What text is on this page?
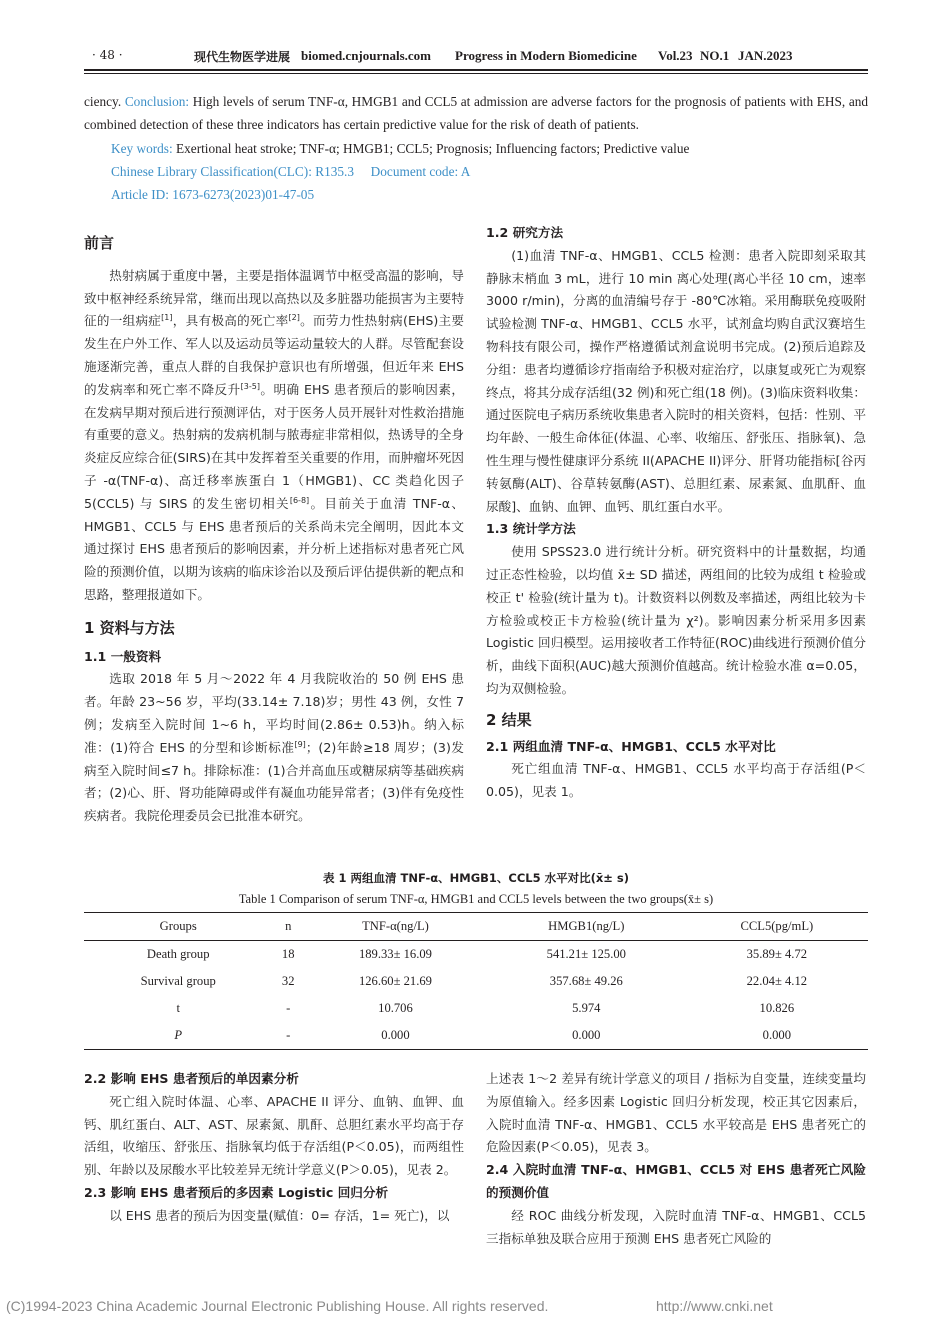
· 48 ·	现代生物医学进展 biomed.cnjournals.com Progress in Modern Biomedicine Vol.23 NO.1 JAN.2023
ciency. Conclusion: High levels of serum TNF-α, HMGB1 and CCL5 at admission are adverse factors for the prognosis of patients with EHS, and combined detection of these three indicators has certain predictive value for the risk of death of patients.
Key words: Exertional heat stroke; TNF-α; HMGB1; CCL5; Prognosis; Influencing factors; Predictive value
Chinese Library Classification(CLC): R135.3 Document code: A
Article ID: 1673-6273(2023)01-47-05
前言

热射病属于重度中暑，主要是指体温调节中枢受高温的影响，导致中枢神经系统异常，继而出现以高热以及多脏器功能损害为主要特征的一组病症[1]，具有极高的死亡率[2]。而劳力性热射病(EHS)主要发生在户外工作、军人以及运动员等运动量较大的人群。尽管配套设施逐渐完善，重点人群的自我保护意识也有所增强，但近年来 EHS 的发病率和死亡率不降反升[3-5]。明确 EHS 患者预后的影响因素，在发病早期对预后进行预测评估，对于医务人员开展针对性救治措施有重要的意义。热射病的发病机制与脓毒症非常相似，热诱导的全身炎症反应综合征(SIRS)在其中发挥着至关重要的作用，而肿瘤坏死因子 -α(TNF-α)、高迁移率族蛋白 1（HMGB1)、CC 类趋化因子 5(CCL5) 与 SIRS 的发生密切相关[6-8]。目前关于血清 TNF-α、HMGB1、CCL5 与 EHS 患者预后的关系尚未完全阐明，因此本文通过探讨 EHS 患者预后的影响因素，并分析上述指标对患者死亡风险的预测价值，以期为该病的临床诊治以及预后评估提供新的靶点和思路，整理报道如下。

1 资料与方法
1.1 一般资料

选取 2018 年 5 月～2022 年 4 月我院收治的 50 例 EHS 患者。年龄 23~56 岁，平均(33.14± 7.18)岁；男性 43 例，女性 7 例；发病至入院时间 1~6 h，平均时间(2.86± 0.53)h。纳入标准：(1)符合 EHS 的分型和诊断标准[9]；(2)年龄≥18 周岁；(3)发病至入院时间≤7 h。排除标准：(1)合并高血压或糖尿病等基础疾病者；(2)心、肝、肾功能障碍或伴有凝血功能异常者；(3)伴有免疫性疾病者。我院伦理委员会已批准本研究。

1.2 研究方法

(1)血清 TNF-α、HMGB1、CCL5 检测：患者入院即刻采取其静脉末梢血 3 mL，进行 10 min 离心处理(离心半径 10 cm，速率 3000 r/min)，分离的血清编号存于 -80℃冰箱。采用酶联免疫吸附试验检测 TNF-α、HMGB1、CCL5 水平，试剂盒均购自武汉赛培生物科技有限公司，操作严格遵循试剂盒说明书完成。(2)预后追踪及分组：患者均遵循诊疗指南给予积极对症治疗，以康复或死亡为观察终点，将其分成存活组(32 例)和死亡组(18 例)。(3)临床资料收集：通过医院电子病历系统收集患者入院时的相关资料，包括：性别、平均年龄、一般生命体征(体温、心率、收缩压、舒张压、指脉氧)、急性生理与慢性健康评分系统 II(APACHE II)评分、肝肾功能指标[谷丙转氨酶(ALT)、谷草转氨酶(AST)、总胆红素、尿素氮、血肌酐、血尿酸]、血钠、血钾、血钙、肌红蛋白水平。

1.3 统计学方法

使用 SPSS23.0 进行统计分析。研究资料中的计量数据，均通过正态性检验，以均值 x̄± SD 描述，两组间的比较为成组 t 检验或校正 t' 检验(统计量为 t)。计数资料以例数及率描述，两组比较为卡方检验或校正卡方检验(统计量为 χ²)。影响因素分析采用多因素 Logistic 回归模型。运用接收者工作特征(ROC)曲线进行预测价值分析，曲线下面积(AUC)越大预测价值越高。统计检验水准 α=0.05，均为双侧检验。

2 结果
2.1 两组血清 TNF-α、HMGB1、CCL5 水平对比

死亡组血清 TNF-α、HMGB1、CCL5 水平均高于存活组(P＜0.05)，见表 1。

表 1 两组血清 TNF-α、HMGB1、CCL5 水平对比(x̄± s)
Table 1 Comparison of serum TNF-α, HMGB1 and CCL5 levels between the two groups(x̄± s)
Groups	n	TNF-α(ng/L)	HMGB1(ng/L)	CCL5(pg/mL)
Death group	18	189.33± 16.09	541.21± 125.00	35.89± 4.72
Survival group	32	126.60± 21.69	357.68± 49.26	22.04± 4.12
t	-	10.706	5.974	10.826
P	-	0.000	0.000	0.000
2.2 影响 EHS 患者预后的单因素分析

死亡组入院时体温、心率、APACHE II 评分、血钠、血钾、血钙、肌红蛋白、ALT、AST、尿素氮、肌酐、总胆红素水平均高于存活组，收缩压、舒张压、指脉氧均低于存活组(P＜0.05)，而两组性别、年龄以及尿酸水平比较差异无统计学意义(P＞0.05)，见表 2。

2.3 影响 EHS 患者预后的多因素 Logistic 回归分析

以 EHS 患者的预后为因变量(赋值：0= 存活，1= 死亡)，以

上述表 1～2 差异有统计学意义的项目 / 指标为自变量，连续变量均为原值输入。经多因素 Logistic 回归分析发现，校正其它因素后，入院时血清 TNF-α、HMGB1、CCL5 水平较高是 EHS 患者死亡的危险因素(P＜0.05)，见表 3。

2.4 入院时血清 TNF-α、HMGB1、CCL5 对 EHS 患者死亡风险的预测价值

经 ROC 曲线分析发现，入院时血清 TNF-α、HMGB1、CCL5 三指标单独及联合应用于预测 EHS 患者死亡风险的

(C)1994-2023 China Academic Journal Electronic Publishing House. All rights reserved.	http://www.cnki.net
